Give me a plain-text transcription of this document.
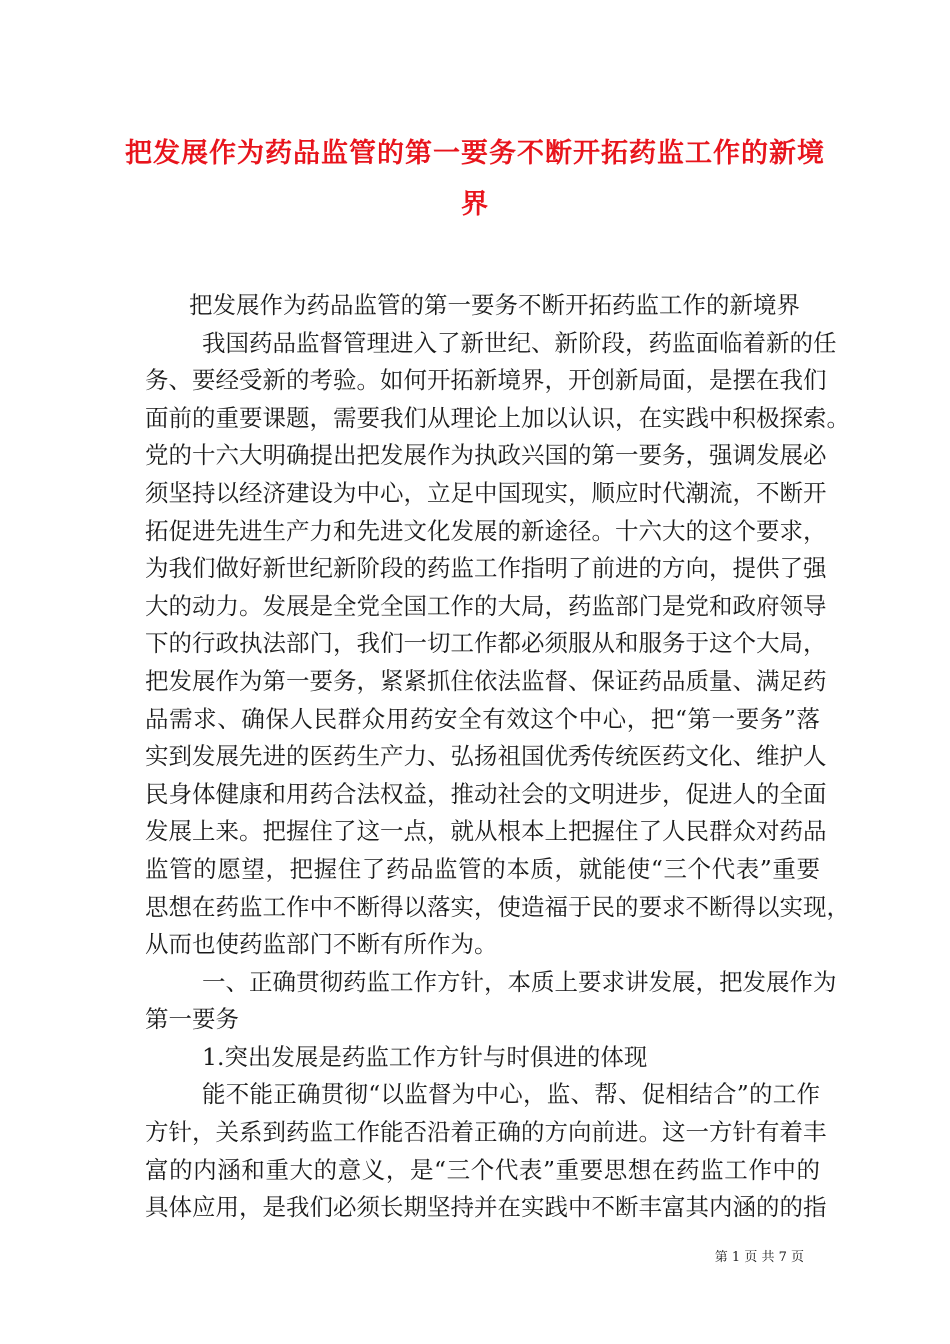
把发展作为药品监管的第一要务不断开拓药监工作的新境
界
把发展作为药品监管的第一要务不断开拓药监工作的新境界
我国药品监督管理进入了新世纪、新阶段，药监面临着新的任
务、要经受新的考验。如何开拓新境界，开创新局面，是摆在我们
面前的重要课题，需要我们从理论上加以认识，在实践中积极探索。
党的十六大明确提出把发展作为执政兴国的第一要务，强调发展必
须坚持以经济建设为中心，立足中国现实，顺应时代潮流，不断开
拓促进先进生产力和先进文化发展的新途径。十六大的这个要求，
为我们做好新世纪新阶段的药监工作指明了前进的方向，提供了强
大的动力。发展是全党全国工作的大局，药监部门是党和政府领导
下的行政执法部门，我们一切工作都必须服从和服务于这个大局，
把发展作为第一要务，紧紧抓住依法监督、保证药品质量、满足药
品需求、确保人民群众用药安全有效这个中心，把“第一要务”落
实到发展先进的医药生产力、弘扬祖国优秀传统医药文化、维护人
民身体健康和用药合法权益，推动社会的文明进步，促进人的全面
发展上来。把握住了这一点，就从根本上把握住了人民群众对药品
监管的愿望，把握住了药品监管的本质，就能使“三个代表”重要
思想在药监工作中不断得以落实，使造福于民的要求不断得以实现，
从而也使药监部门不断有所作为。
一、正确贯彻药监工作方针，本质上要求讲发展，把发展作为
第一要务
1.突出发展是药监工作方针与时俱进的体现
能不能正确贯彻“以监督为中心，监、帮、促相结合”的工作
方针，关系到药监工作能否沿着正确的方向前进。这一方针有着丰
富的内涵和重大的意义，是“三个代表”重要思想在药监工作中的
具体应用，是我们必须长期坚持并在实践中不断丰富其内涵的的指
第 1 页 共 7 页
